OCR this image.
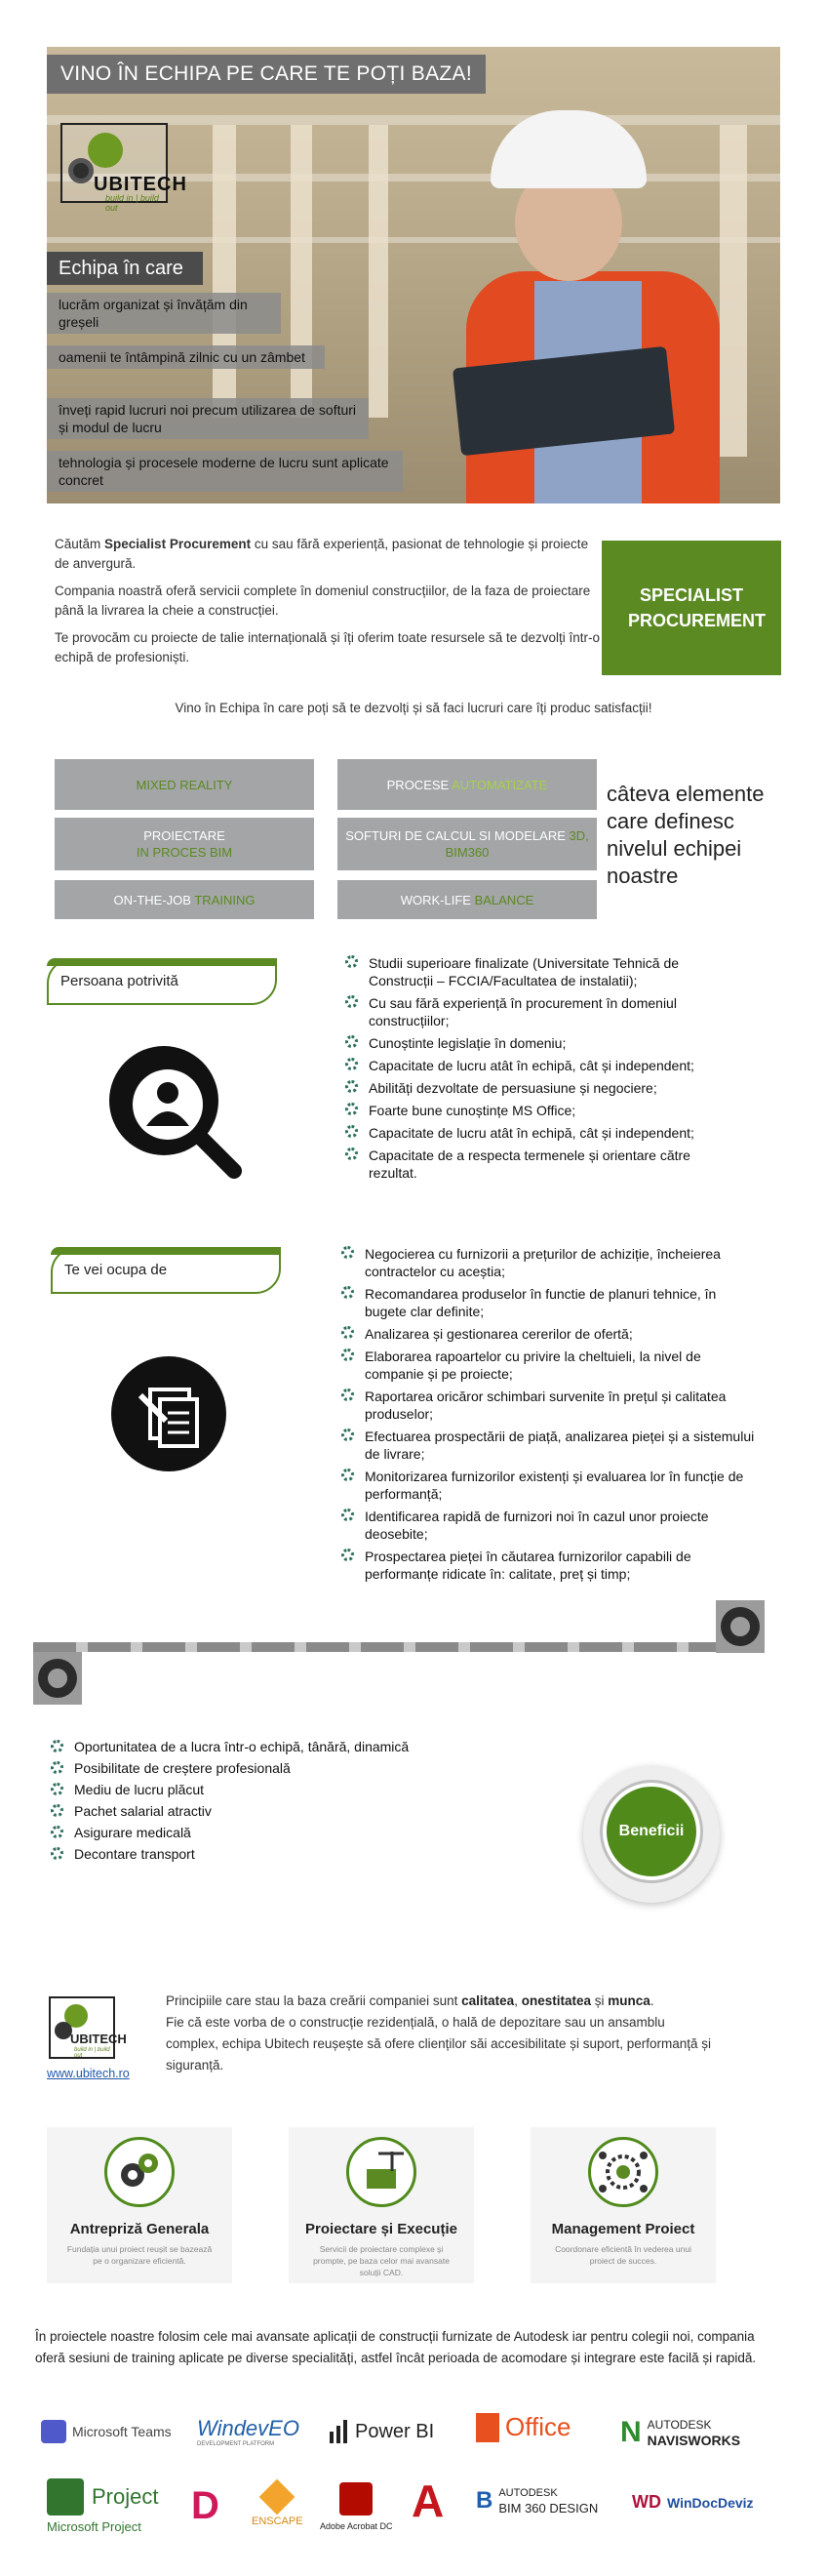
VINO ÎN ECHIPA PE CARE TE POȚI BAZA!
UBITECH
build in | build out
Echipa în care
lucrăm organizat și învățăm din greșeli
oamenii te întâmpină zilnic cu un zâmbet
înveți rapid lucruri noi precum utilizarea de softuri și modul de lucru
tehnologia și procesele moderne de lucru sunt aplicate concret

Căutăm Specialist Procurement cu sau fără experiență, pasionat de tehnologie și proiecte de anvergură.

Compania noastră oferă servicii complete în domeniul construcțiilor, de la faza de proiectare până la livrarea la cheie a construcției.

Te provocăm cu proiecte de talie internațională și îți oferim toate resursele să te dezvolți într-o echipă de profesioniști.

SPECIALIST PROCUREMENT
Vino în Echipa în care poți să te dezvolți și să faci lucruri care îți produc satisfacții!
MIXED REALITY	PROCESE AUTOMATIZATE
PROIECTARE
IN PROCES BIM
SOFTURI DE CALCUL SI MODELARE 3D, BIM360
ON-THE-JOB TRAINING	WORK-LIFE BALANCE
câteva elemente care definesc nivelul echipei noastre
Persoana potrivită
Studii superioare finalizate (Universitate Tehnică de Construcții – FCCIA/Facultatea de instalatii);
Cu sau fără experiență în procurement în domeniul construcțiilor;
Cunoștinte legislație în domeniu;
Capacitate de lucru atât în echipă, cât și independent;
Abilități dezvoltate de persuasiune și negociere;
Foarte bune cunoștințe MS Office;
Capacitate de lucru atât în echipă, cât și independent;
Capacitate de a respecta termenele și orientare către rezultat.
Te vei ocupa de
Negocierea cu furnizorii a prețurilor de achiziție, încheierea contractelor cu aceștia;
Recomandarea produselor în functie de planuri tehnice, în bugete clar definite;
Analizarea și gestionarea cererilor de ofertă;
Elaborarea rapoartelor cu privire la cheltuieli, la nivel de companie și pe proiecte;
Raportarea oricăror schimbari survenite în prețul și calitatea produselor;
Efectuarea prospectării de piață, analizarea pieței și a sistemului de livrare;
Monitorizarea furnizorilor existenți și evaluarea lor în funcție de performanță;
Identificarea rapidă de furnizori noi în cazul unor proiecte deosebite;
Prospectarea pieței în căutarea furnizorilor capabili de performanțe ridicate în: calitate, preț și timp;
Oportunitatea de a lucra într-o echipă, tânără, dinamică
Posibilitate de creștere profesională
Mediu de lucru plăcut
Pachet salarial atractiv
Asigurare medicală
Decontare transport
Beneficii
UBITECH
build in | build out
www.ubitech.ro

Principiile care stau la baza creării companiei sunt calitatea, onestitatea și munca.

Fie că este vorba de o construcție rezidențială, o hală de depozitare sau un ansamblu complex, echipa Ubitech reușește să ofere clienților săi accesibilitate și suport, performanță și siguranță.

Antrepriză Generala
Fundația unui proiect reușit se bazează pe o organizare eficientă.
Proiectare și Execuție
Servicii de proiectare complexe și prompte, pe baza celor mai avansate soluții CAD.
Management Proiect
Coordonare eficientă în vederea unui proiect de succes.
În proiectele noastre folosim cele mai avansate aplicații de construcții furnizate de Autodesk iar pentru colegii noi, compania oferă sesiuni de training aplicate pe diverse specialități, astfel încât perioada de acomodare și integrare este facilă și rapidă.
Microsoft Teams WindevEO
DEVELOPMENT PLATFORM
Power BI	Office N AUTODESK
NAVISWORKS
Project
Microsoft Project	D	ENSCAPE Adobe Acrobat DC A B AUTODESK
BIM 360 DESIGN WD WinDocDeviz
